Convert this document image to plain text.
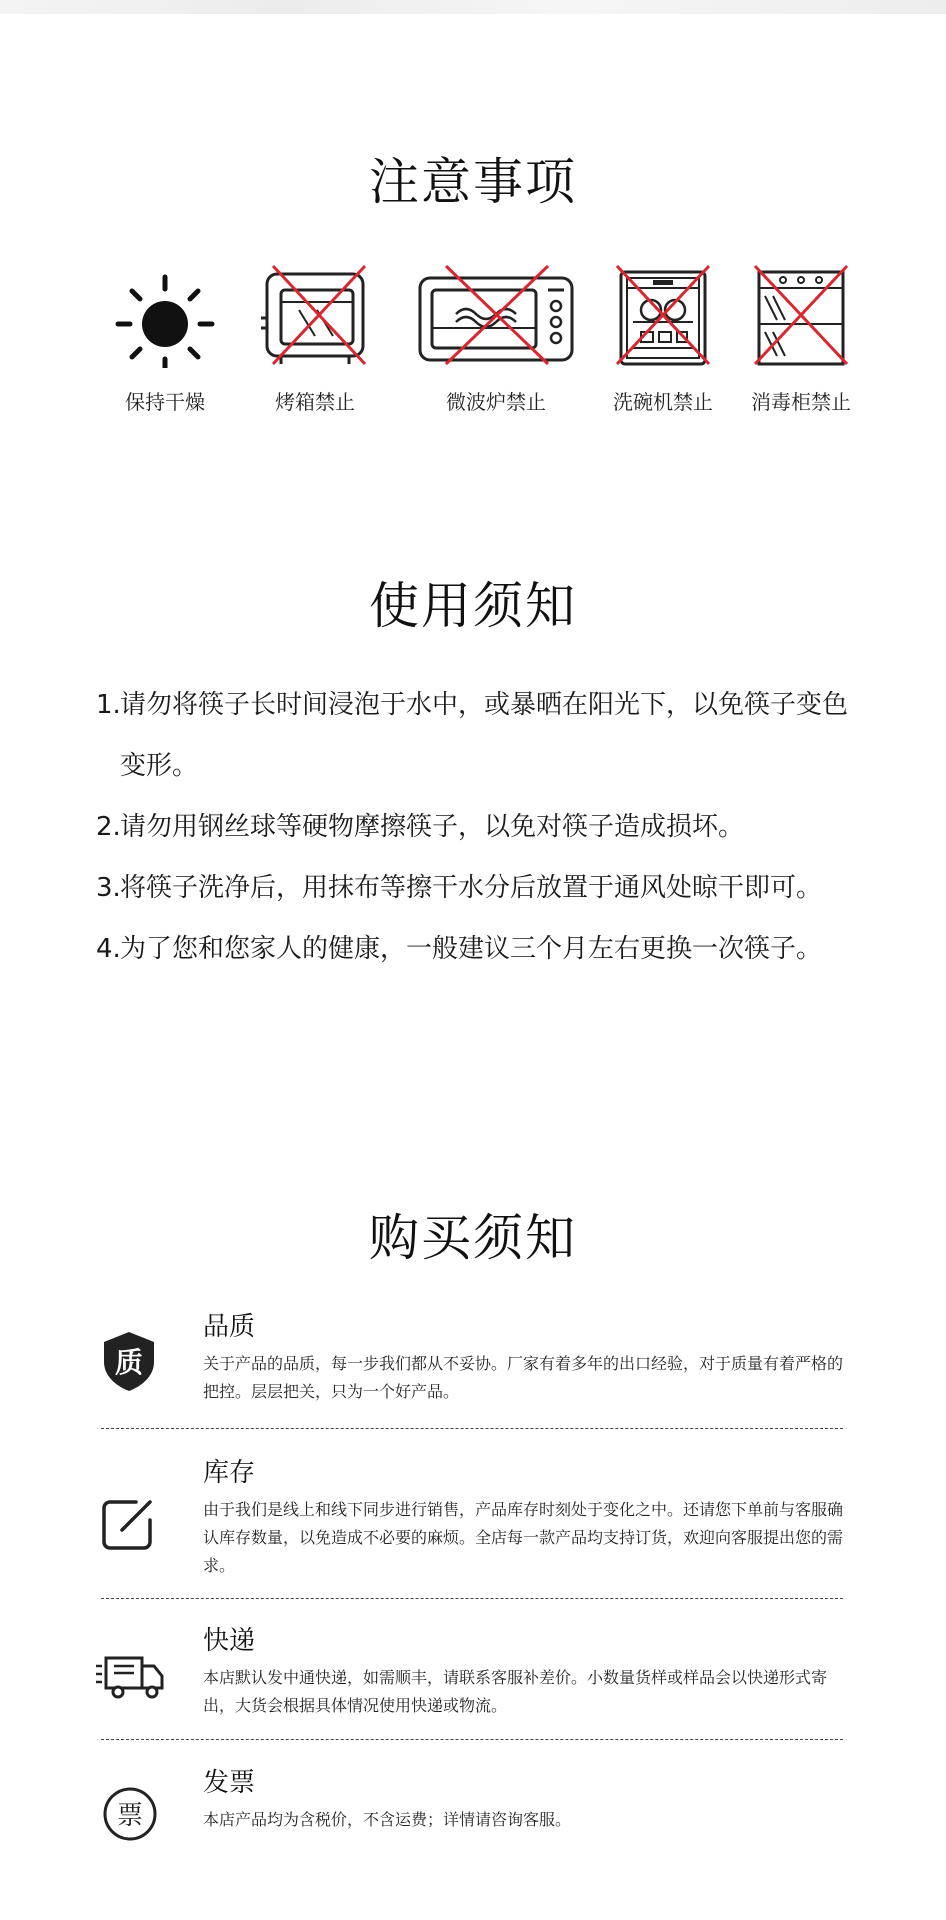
注意事项
保持干燥	烤箱禁止	微波炉禁止	洗碗机禁止 消毒柜禁止
使用须知
1. 请勿将筷子长时间浸泡于水中，或暴晒在阳光下，以免筷子变色变形。
2. 请勿用钢丝球等硬物摩擦筷子，以免对筷子造成损坏。
3. 将筷子洗净后，用抹布等擦干水分后放置于通风处晾干即可。
4. 为了您和您家人的健康，一般建议三个月左右更换一次筷子。
购买须知
质
品质
关于产品的品质，每一步我们都从不妥协。厂家有着多年的出口经验，对于质量有着严格的把控。层层把关，只为一个好产品。
库存
由于我们是线上和线下同步进行销售，产品库存时刻处于变化之中。还请您下单前与客服确认库存数量，以免造成不必要的麻烦。全店每一款产品均支持订货，欢迎向客服提出您的需求。
快递
本店默认发中通快递，如需顺丰，请联系客服补差价。小数量货样或样品会以快递形式寄出，大货会根据具体情况使用快递或物流。
票
发票
本店产品均为含税价，不含运费；详情请咨询客服。
